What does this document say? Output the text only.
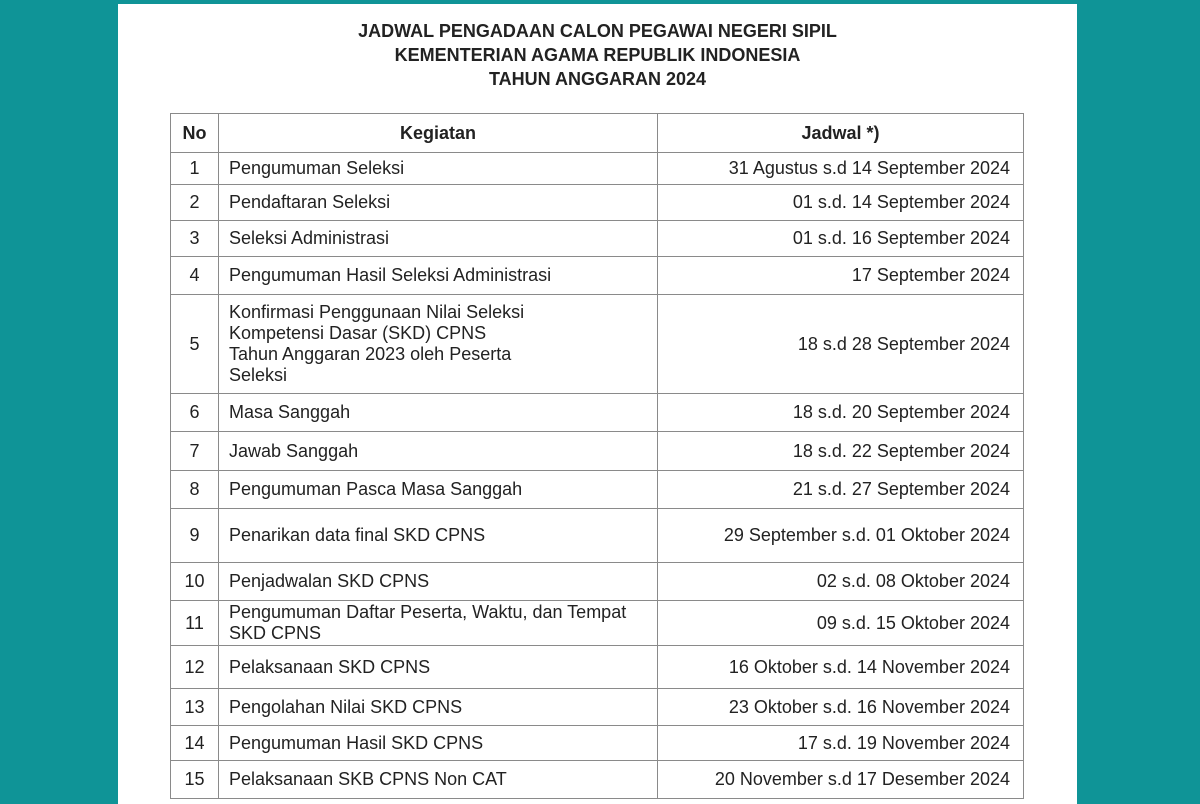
JADWAL PENGADAAN CALON PEGAWAI NEGERI SIPIL
KEMENTERIAN AGAMA REPUBLIK INDONESIA
TAHUN ANGGARAN 2024
No	Kegiatan	Jadwal *)
1	Pengumuman Seleksi	31 Agustus s.d 14 September 2024
2	Pendaftaran Seleksi	01 s.d. 14 September 2024
3	Seleksi Administrasi	01 s.d. 16 September 2024
4	Pengumuman Hasil Seleksi Administrasi	17 September 2024
5	Konfirmasi Penggunaan Nilai Seleksi
Kompetensi Dasar (SKD) CPNS
Tahun Anggaran 2023 oleh Peserta
Seleksi	18 s.d 28 September 2024
6	Masa Sanggah	18 s.d. 20 September 2024
7	Jawab Sanggah	18 s.d. 22 September 2024
8	Pengumuman Pasca Masa Sanggah	21 s.d. 27 September 2024
9	Penarikan data final SKD CPNS	29 September s.d. 01 Oktober 2024
10	Penjadwalan SKD CPNS	02 s.d. 08 Oktober 2024
11	Pengumuman Daftar Peserta, Waktu, dan Tempat
SKD CPNS	09 s.d. 15 Oktober 2024
12	Pelaksanaan SKD CPNS	16 Oktober s.d. 14 November 2024
13	Pengolahan Nilai SKD CPNS	23 Oktober s.d. 16 November 2024
14	Pengumuman Hasil SKD CPNS	17 s.d. 19 November 2024
15	Pelaksanaan SKB CPNS Non CAT	20 November s.d 17 Desember 2024
